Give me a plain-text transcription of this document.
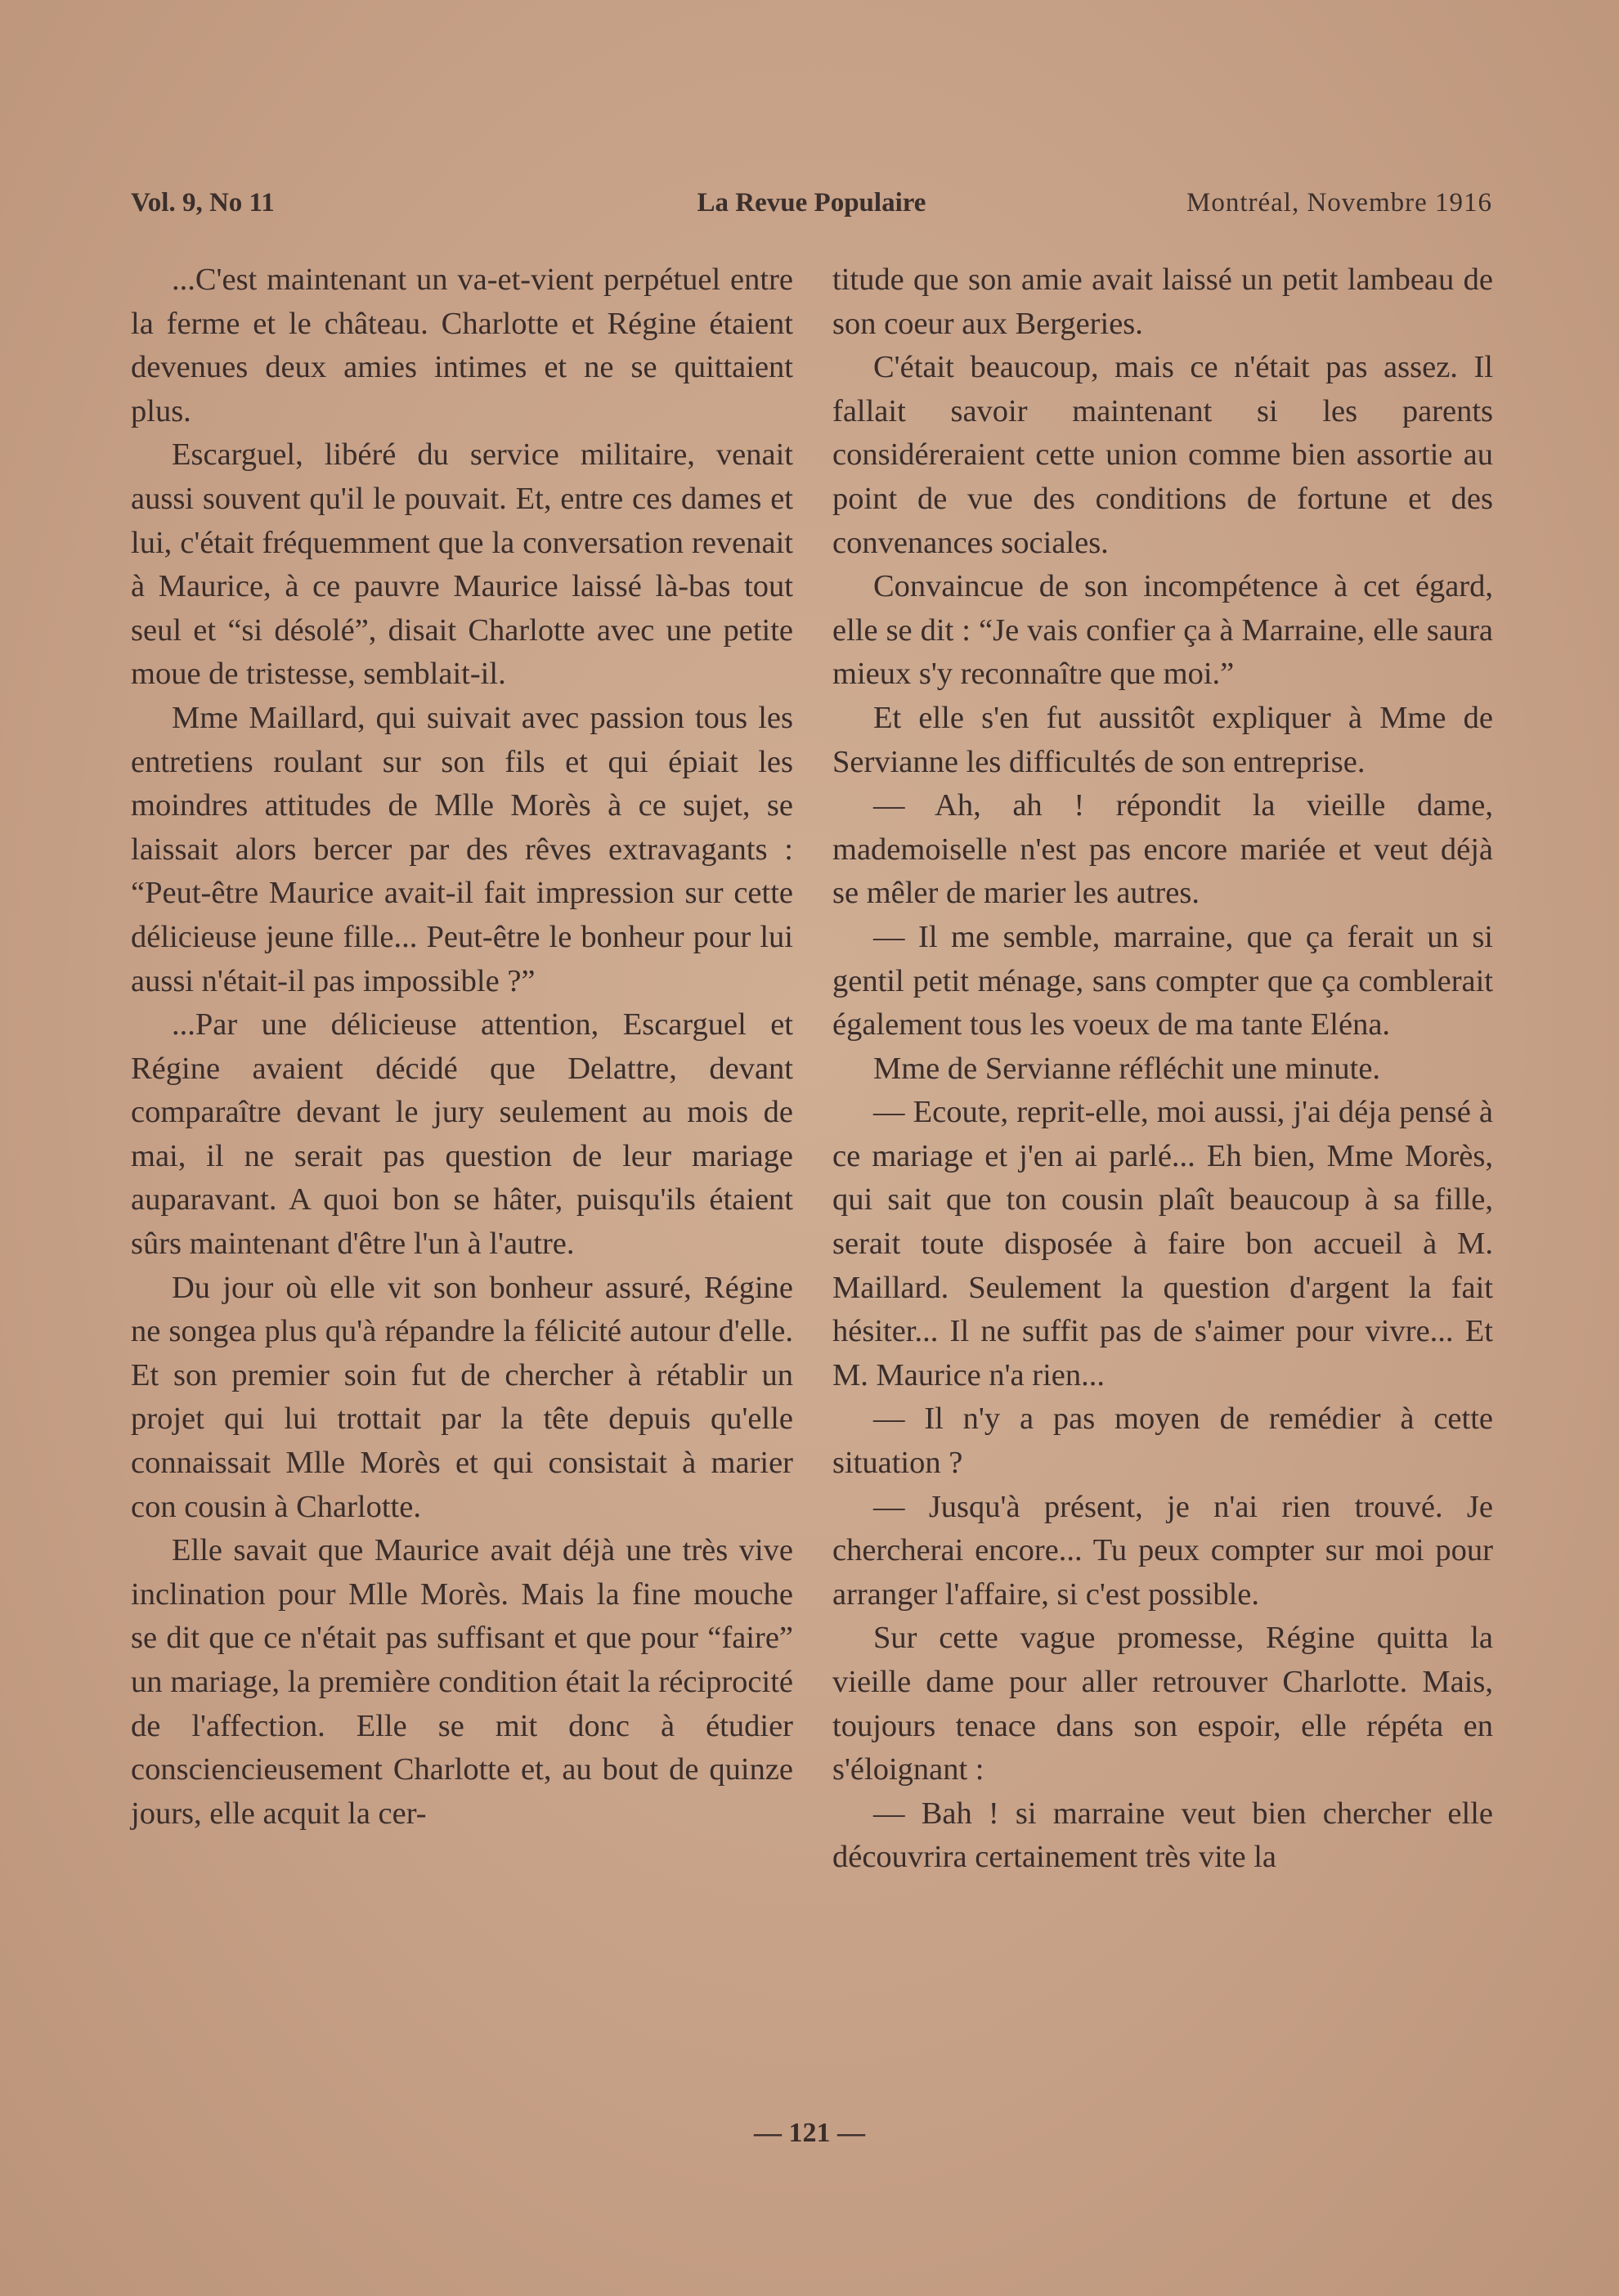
Vol. 9, No 11	La Revue Populaire	Montréal, Novembre 1916

...C'est maintenant un va-et-vient perpétuel entre la ferme et le château. Charlotte et Régine étaient devenues deux amies intimes et ne se quittaient plus.

Escarguel, libéré du service militaire, venait aussi souvent qu'il le pouvait. Et, entre ces dames et lui, c'était fréquemment que la conversation revenait à Maurice, à ce pauvre Maurice laissé là-bas tout seul et “si désolé”, disait Charlotte avec une petite moue de tristesse, semblait-il.

Mme Maillard, qui suivait avec passion tous les entretiens roulant sur son fils et qui épiait les moindres attitudes de Mlle Morès à ce sujet, se laissait alors bercer par des rêves extravagants : “Peut-être Maurice avait-il fait impression sur cette délicieuse jeune fille... Peut-être le bonheur pour lui aussi n'était-il pas impossible ?”

...Par une délicieuse attention, Escarguel et Régine avaient décidé que Delattre, devant comparaître devant le jury seulement au mois de mai, il ne serait pas question de leur mariage auparavant. A quoi bon se hâter, puisqu'ils étaient sûrs maintenant d'être l'un à l'autre.

Du jour où elle vit son bonheur assuré, Régine ne songea plus qu'à répandre la félicité autour d'elle. Et son premier soin fut de chercher à rétablir un projet qui lui trottait par la tête depuis qu'elle connaissait Mlle Morès et qui consistait à marier con cousin à Charlotte.

Elle savait que Maurice avait déjà une très vive inclination pour Mlle Morès. Mais la fine mouche se dit que ce n'était pas suffisant et que pour “faire” un mariage, la première condition était la réciprocité de l'affection. Elle se mit donc à étudier consciencieusement Charlotte et, au bout de quinze jours, elle acquit la cer-

titude que son amie avait laissé un petit lambeau de son coeur aux Bergeries.

C'était beaucoup, mais ce n'était pas assez. Il fallait savoir maintenant si les parents considéreraient cette union comme bien assortie au point de vue des conditions de fortune et des convenances sociales.

Convaincue de son incompétence à cet égard, elle se dit : “Je vais confier ça à Marraine, elle saura mieux s'y reconnaître que moi.”

Et elle s'en fut aussitôt expliquer à Mme de Servianne les difficultés de son entreprise.

— Ah, ah ! répondit la vieille dame, mademoiselle n'est pas encore mariée et veut déjà se mêler de marier les autres.

— Il me semble, marraine, que ça ferait un si gentil petit ménage, sans compter que ça comblerait également tous les voeux de ma tante Eléna.

Mme de Servianne réfléchit une minute.

— Ecoute, reprit-elle, moi aussi, j'ai déja pensé à ce mariage et j'en ai parlé... Eh bien, Mme Morès, qui sait que ton cousin plaît beaucoup à sa fille, serait toute disposée à faire bon accueil à M. Maillard. Seulement la question d'argent la fait hésiter... Il ne suffit pas de s'aimer pour vivre... Et M. Maurice n'a rien...

— Il n'y a pas moyen de remédier à cette situation ?

— Jusqu'à présent, je n'ai rien trouvé. Je chercherai encore... Tu peux compter sur moi pour arranger l'affaire, si c'est possible.

Sur cette vague promesse, Régine quitta la vieille dame pour aller retrouver Charlotte. Mais, toujours tenace dans son espoir, elle répéta en s'éloignant :

— Bah ! si marraine veut bien chercher elle découvrira certainement très vite la

— 121 —
